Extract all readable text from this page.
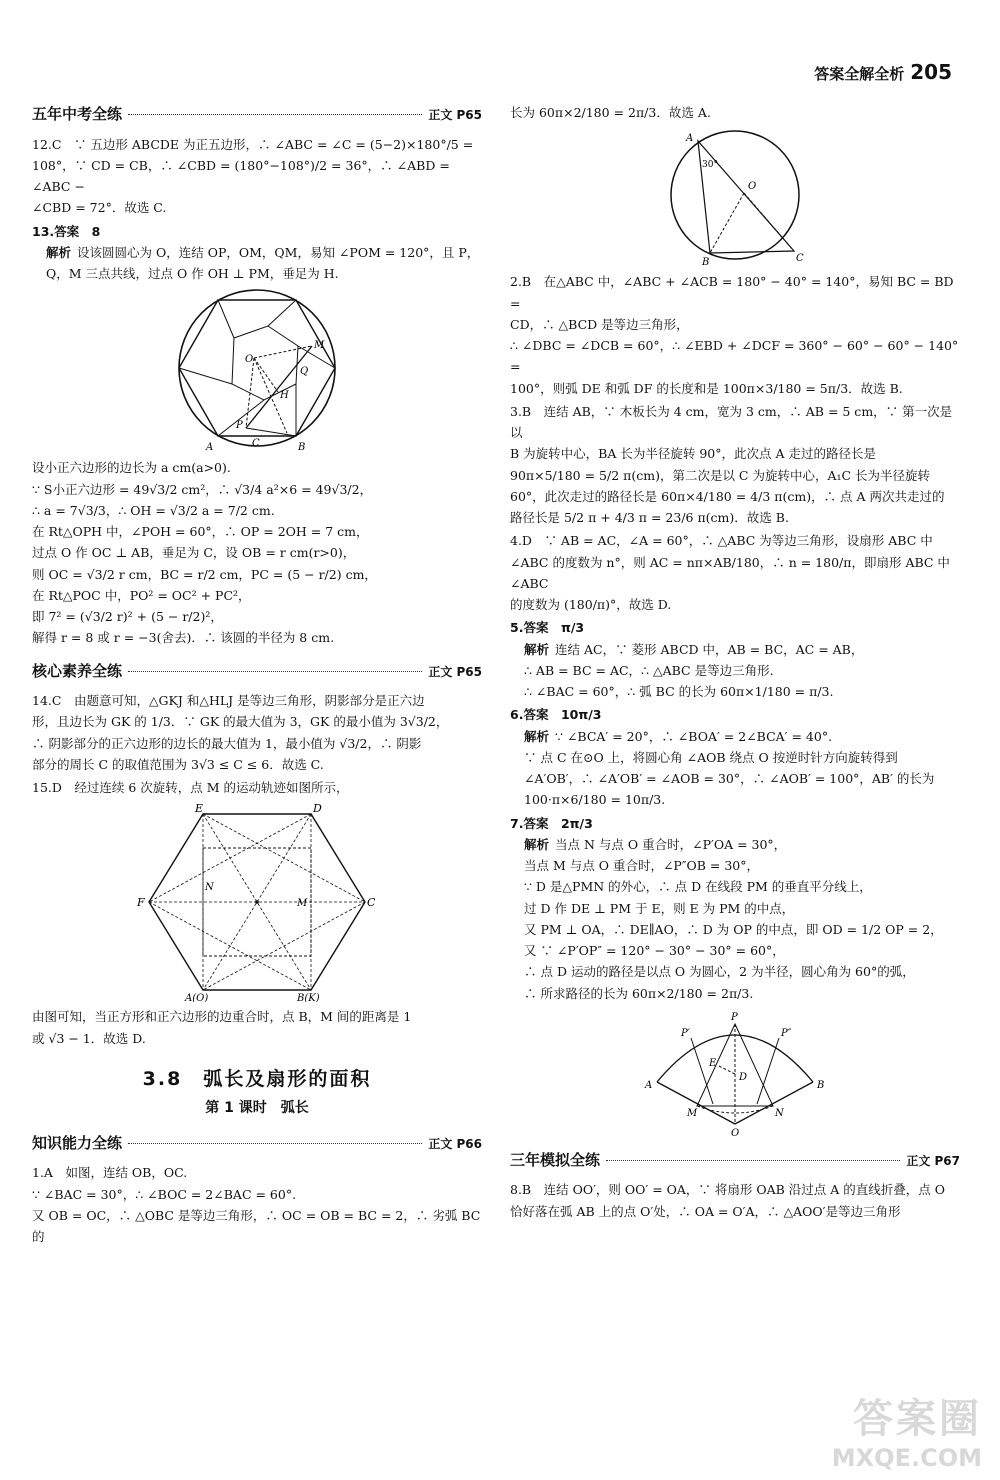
答案全解全析 205
五年中考全练	正文 P65
12.C　∵ 五边形 ABCDE 为正五边形，∴ ∠ABC = ∠C = (5−2)×180°/5 =
108°，∵ CD = CB，∴ ∠CBD = (180°−108°)/2 = 36°，∴ ∠ABD = ∠ABC −
∠CBD = 72°．故选 C.
13.答案　8
解析 设该圆圆心为 O，连结 OP，OM，QM，易知 ∠POM = 120°，且 P，
Q，M 三点共线，过点 O 作 OH ⊥ PM，垂足为 H.
O
M
Q
H
P
C
A	B
设小正六边形的边长为 a cm(a>0).
∵ S小正六边形 = 49√3/2 cm²，∴ √3/4 a²×6 = 49√3/2，
∴ a = 7√3/3，∴ OH = √3/2 a = 7/2 cm.
在 Rt△OPH 中，∠POH = 60°，∴ OP = 2OH = 7 cm，
过点 O 作 OC ⊥ AB，垂足为 C，设 OB = r cm(r>0)，
则 OC = √3/2 r cm，BC = r/2 cm，PC = (5 − r/2) cm，
在 Rt△POC 中，PO² = OC² + PC²，
即 7² = (√3/2 r)² + (5 − r/2)²，
解得 r = 8 或 r = −3(舍去)．∴ 该圆的半径为 8 cm.
核心素养全练	正文 P65
14.C　由题意可知，△GKJ 和△HLJ 是等边三角形，阴影部分是正六边
形，且边长为 GK 的 1/3．∵ GK 的最大值为 3，GK 的最小值为 3√3/2，
∴ 阴影部分的正六边形的边长的最大值为 1，最小值为 √3/2，∴ 阴影
部分的周长 C 的取值范围为 3√3 ≤ C ≤ 6．故选 C.
15.D　经过连续 6 次旋转，点 M 的运动轨迹如图所示，
E	D
F	C
N
M
A(O)	B(K)
由图可知，当正方形和正六边形的边重合时，点 B，M 间的距离是 1
或 √3 − 1．故选 D.
3.8　弧长及扇形的面积
第 1 课时　弧长
知识能力全练	正文 P66
1.A　如图，连结 OB，OC.
∵ ∠BAC = 30°，∴ ∠BOC = 2∠BAC = 60°.
又 OB = OC，∴ △OBC 是等边三角形，∴ OC = OB = BC = 2，∴ 劣弧 BC 的
长为 60π×2/180 = 2π/3．故选 A.
A
O
B	C
30°
2.B　在△ABC 中，∠ABC + ∠ACB = 180° − 40° = 140°，易知 BC = BD =
CD，∴ △BCD 是等边三角形，
∴ ∠DBC = ∠DCB = 60°，∴ ∠EBD + ∠DCF = 360° − 60° − 60° − 140° =
100°，则弧 DE 和弧 DF 的长度和是 100π×3/180 = 5π/3．故选 B.
3.B　连结 AB，∵ 木板长为 4 cm，宽为 3 cm，∴ AB = 5 cm，∵ 第一次是以
B 为旋转中心，BA 长为半径旋转 90°，此次点 A 走过的路径长是
90π×5/180 = 5/2 π(cm)，第二次是以 C 为旋转中心，A₁C 长为半径旋转
60°，此次走过的路径长是 60π×4/180 = 4/3 π(cm)，∴ 点 A 两次共走过的
路径长是 5/2 π + 4/3 π = 23/6 π(cm)．故选 B.
4.D　∵ AB = AC，∠A = 60°，∴ △ABC 为等边三角形，设扇形 ABC 中
∠ABC 的度数为 n°，则 AC = nπ×AB/180，∴ n = 180/π，即扇形 ABC 中 ∠ABC
的度数为 (180/π)°，故选 D.
5.答案　π/3
解析 连结 AC，∵ 菱形 ABCD 中，AB = BC，AC = AB，
∴ AB = BC = AC，∴ △ABC 是等边三角形.
∴ ∠BAC = 60°，∴ 弧 BC 的长为 60π×1/180 = π/3.
6.答案　10π/3
解析 ∵ ∠BCA′ = 20°，∴ ∠BOA′ = 2∠BCA′ = 40°.
∵ 点 C 在⊙O 上，将圆心角 ∠AOB 绕点 O 按逆时针方向旋转得到
∠A′OB′，∴ ∠A′OB′ = ∠AOB = 30°，∴ ∠AOB′ = 100°，AB′ 的长为
100·π×6/180 = 10π/3.
7.答案　2π/3
解析 当点 N 与点 O 重合时，∠P′OA = 30°，
当点 M 与点 O 重合时，∠P″OB = 30°，
∵ D 是△PMN 的外心，∴ 点 D 在线段 PM 的垂直平分线上，
过 D 作 DE ⊥ PM 于 E，则 E 为 PM 的中点，
又 PM ⊥ OA，∴ DE∥AO，∴ D 为 OP 的中点，即 OD = 1/2 OP = 2，
又 ∵ ∠P′OP″ = 120° − 30° − 30° = 60°，
∴ 点 D 运动的路径是以点 O 为圆心，2 为半径，圆心角为 60°的弧，
∴ 所求路径的长为 60π×2/180 = 2π/3.
P
P′	P″
E
D
A	B
M	N
O
三年模拟全练	正文 P67
8.B　连结 OO′，则 OO′ = OA，∵ 将扇形 OAB 沿过点 A 的直线折叠，点 O
恰好落在弧 AB 上的点 O′处，∴ OA = O′A，∴ △AOO′是等边三角形
答案圈
MXQE.COM
